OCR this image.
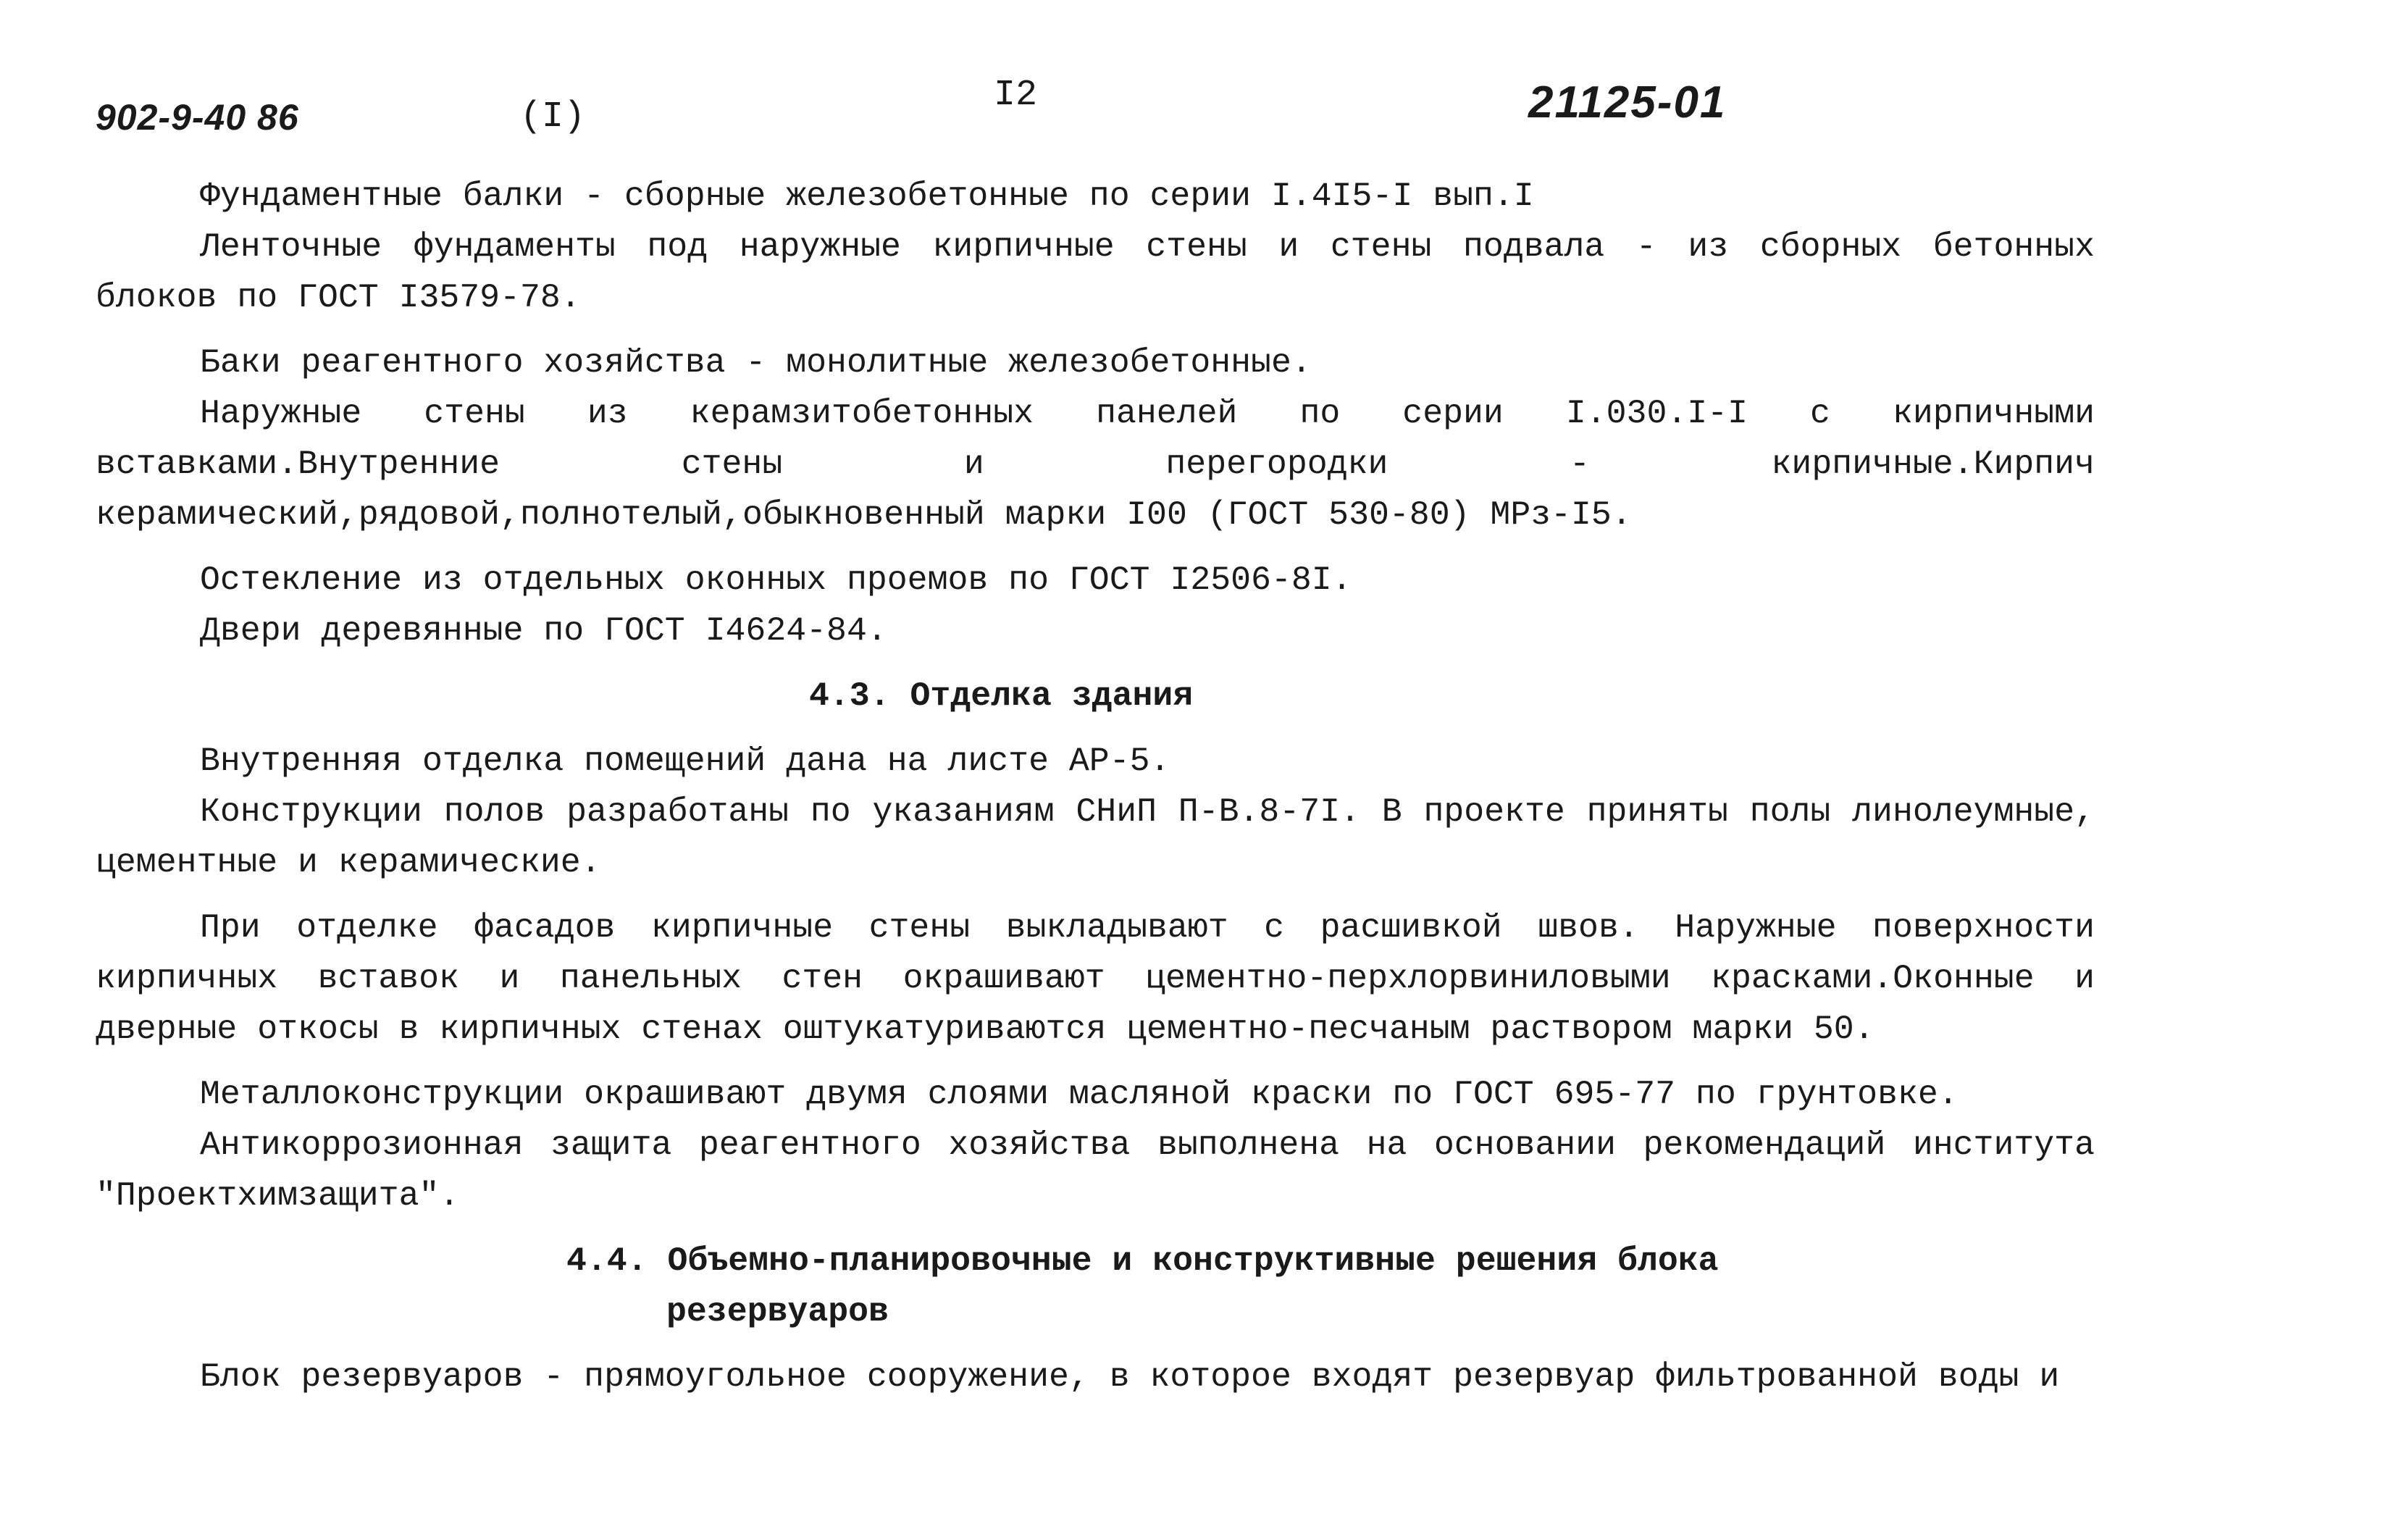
902-9-40 86	(I)
I2	21125-01

Фундаментные балки - сборные железобетонные по серии I.4I5-I вып.I

Ленточные фундаменты под наружные кирпичные стены и стены подвала - из сборных бетонных блоков по ГОСТ I3579-78.

Баки реагентного хозяйства - монолитные железобетонные.

Наружные стены из керамзитобетонных панелей по серии I.030.I-I с кирпичными вставками.Внутренние стены и перегородки - кирпичные.Кирпич керамический,рядовой,полнотелый,обыкновенный марки I00 (ГОСТ 530-80) МРз-I5.

Остекление из отдельных оконных проемов по ГОСТ I2506-8I.

Двери деревянные по ГОСТ I4624-84.

4.3. Отделка здания

Внутренняя отделка помещений дана на листе АР-5.

Конструкции полов разработаны по указаниям СНиП П-В.8-7I. В проекте приняты полы линолеумные, цементные и керамические.

При отделке фасадов кирпичные стены выкладывают с расшивкой швов. Наружные поверхности кирпичных вставок и панельных стен окрашивают цементно-перхлорвиниловыми красками.Оконные и дверные откосы в кирпичных стенах оштукатуриваются цементно-песчаным раствором марки 50.

Металлоконструкции окрашивают двумя слоями масляной краски по ГОСТ 695-77 по грунтовке.

Антикоррозионная защита реагентного хозяйства выполнена на основании рекомендаций института "Проектхимзащита".

4.4. Объемно-планировочные и конструктивные решения блока
резервуаров

Блок резервуаров - прямоугольное сооружение, в которое входят резервуар фильтрованной воды и
